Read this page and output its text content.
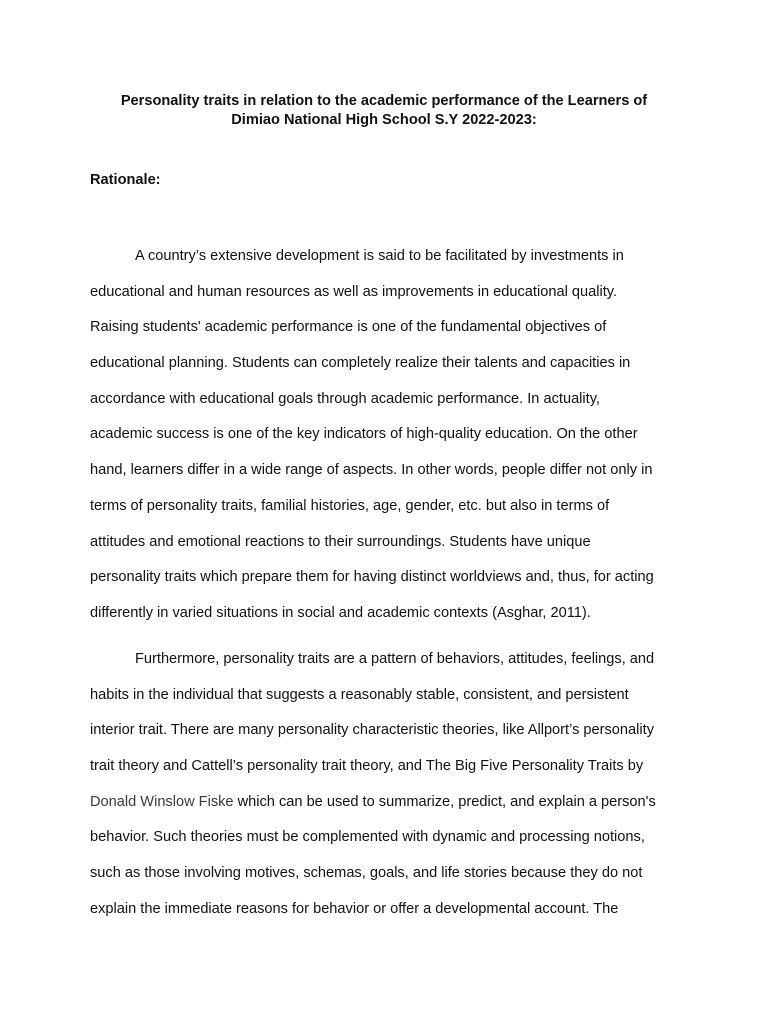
Personality traits in relation to the academic performance of the Learners of
Dimiao National High School S.Y 2022-2023:
Rationale:
A country’s extensive development is said to be facilitated by investments in
educational and human resources as well as improvements in educational quality.
Raising students' academic performance is one of the fundamental objectives of
educational planning. Students can completely realize their talents and capacities in
accordance with educational goals through academic performance. In actuality,
academic success is one of the key indicators of high-quality education. On the other
hand, learners differ in a wide range of aspects. In other words, people differ not only in
terms of personality traits, familial histories, age, gender, etc. but also in terms of
attitudes and emotional reactions to their surroundings. Students have unique
personality traits which prepare them for having distinct worldviews and, thus, for acting
differently in varied situations in social and academic contexts (Asghar, 2011).
Furthermore, personality traits are a pattern of behaviors, attitudes, feelings, and
habits in the individual that suggests a reasonably stable, consistent, and persistent
interior trait. There are many personality characteristic theories, like Allport’s personality
trait theory and Cattell’s personality trait theory, and The Big Five Personality Traits by
Donald Winslow Fiske which can be used to summarize, predict, and explain a person's
behavior. Such theories must be complemented with dynamic and processing notions,
such as those involving motives, schemas, goals, and life stories because they do not
explain the immediate reasons for behavior or offer a developmental account. The
